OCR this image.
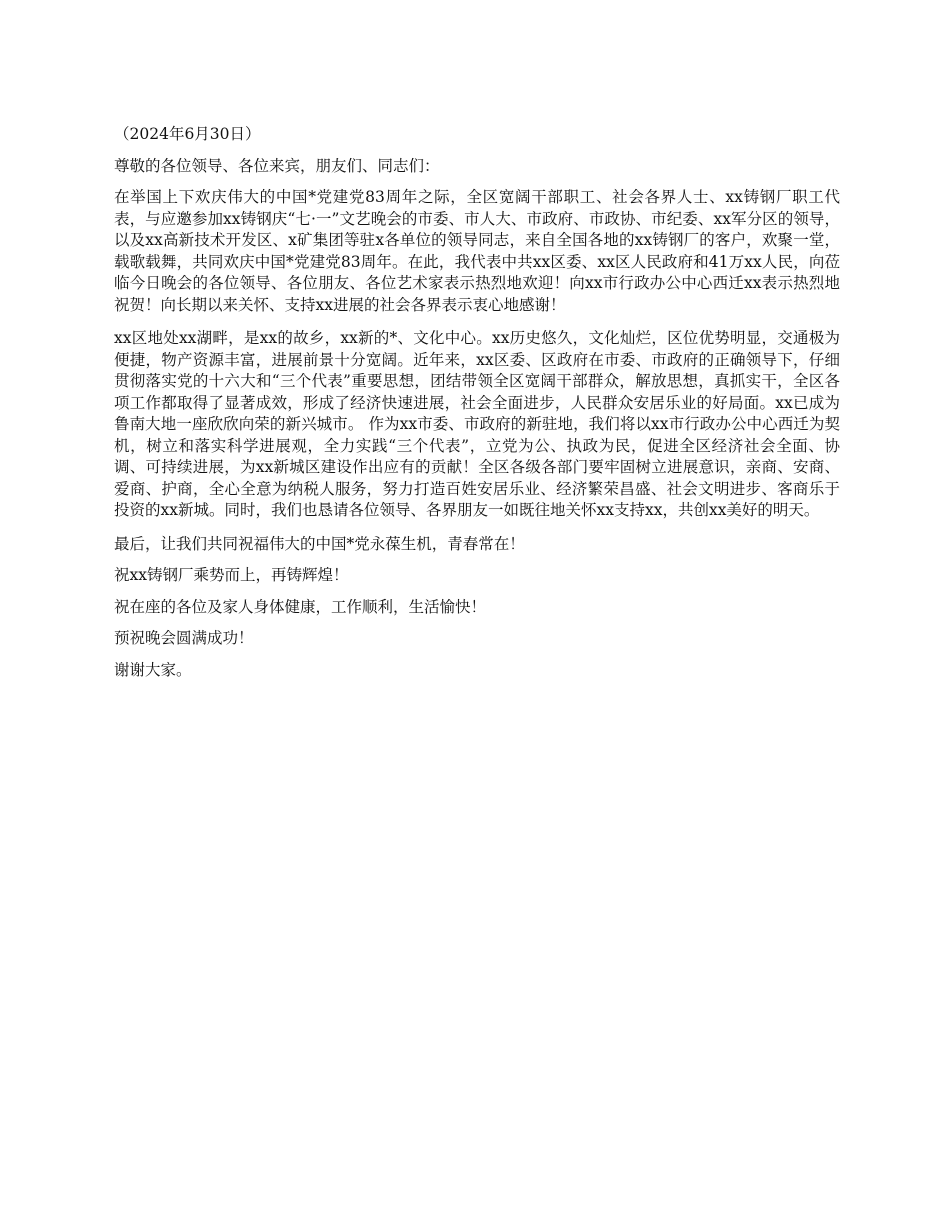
（2024年6月30日）

尊敬的各位领导、各位来宾，朋友们、同志们：

在举国上下欢庆伟大的中国*党建党83周年之际，全区宽阔干部职工、社会各界人士、xx铸钢厂职工代表，与应邀参加xx铸钢庆“七·一”文艺晚会的市委、市人大、市政府、市政协、市纪委、xx军分区的领导，以及xx高新技术开发区、x矿集团等驻x各单位的领导同志，来自全国各地的xx铸钢厂的客户，欢聚一堂，载歌载舞，共同欢庆中国*党建党83周年。在此，我代表中共xx区委、xx区人民政府和41万xx人民，向莅临今日晚会的各位领导、各位朋友、各位艺术家表示热烈地欢迎！向xx市行政办公中心西迁xx表示热烈地祝贺！向长期以来关怀、支持xx进展的社会各界表示衷心地感谢！

xx区地处xx湖畔，是xx的故乡，xx新的*、文化中心。xx历史悠久，文化灿烂，区位优势明显，交通极为便捷，物产资源丰富，进展前景十分宽阔。近年来，xx区委、区政府在市委、市政府的正确领导下，仔细贯彻落实党的十六大和“三个代表”重要思想，团结带领全区宽阔干部群众，解放思想，真抓实干，全区各项工作都取得了显著成效，形成了经济快速进展，社会全面进步，人民群众安居乐业的好局面。xx已成为鲁南大地一座欣欣向荣的新兴城市。 作为xx市委、市政府的新驻地，我们将以xx市行政办公中心西迁为契机，树立和落实科学进展观，全力实践“三个代表”，立党为公、执政为民，促进全区经济社会全面、协调、可持续进展，为xx新城区建设作出应有的贡献！全区各级各部门要牢固树立进展意识，亲商、安商、爱商、护商，全心全意为纳税人服务，努力打造百姓安居乐业、经济繁荣昌盛、社会文明进步、客商乐于投资的xx新城。同时，我们也恳请各位领导、各界朋友一如既往地关怀xx支持xx，共创xx美好的明天。

最后，让我们共同祝福伟大的中国*党永葆生机，青春常在！

祝xx铸钢厂乘势而上，再铸辉煌！

祝在座的各位及家人身体健康，工作顺利，生活愉快！

预祝晚会圆满成功！

谢谢大家。
